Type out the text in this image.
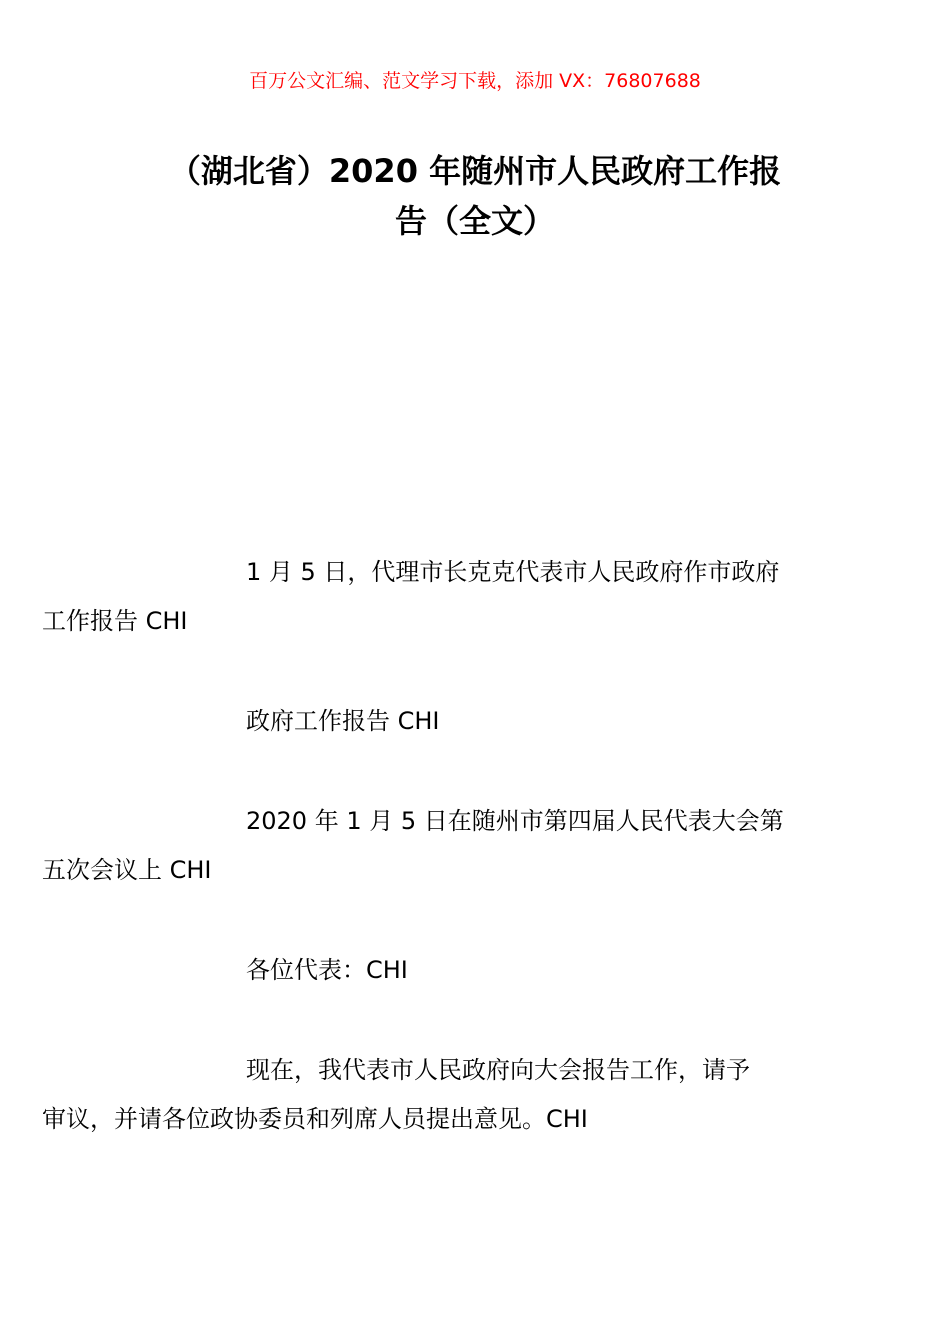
百万公文汇编、范文学习下载，添加 VX：76807688
（湖北省）2020 年随州市人民政府工作报
告（全文）

1 月 5 日，代理市长克克代表市人民政府作市政府
工作报告 CHI

政府工作报告 CHI

2020 年 1 月 5 日在随州市第四届人民代表大会第
五次会议上 CHI

各位代表：CHI

现在，我代表市人民政府向大会报告工作，请予
审议，并请各位政协委员和列席人员提出意见。CHI
